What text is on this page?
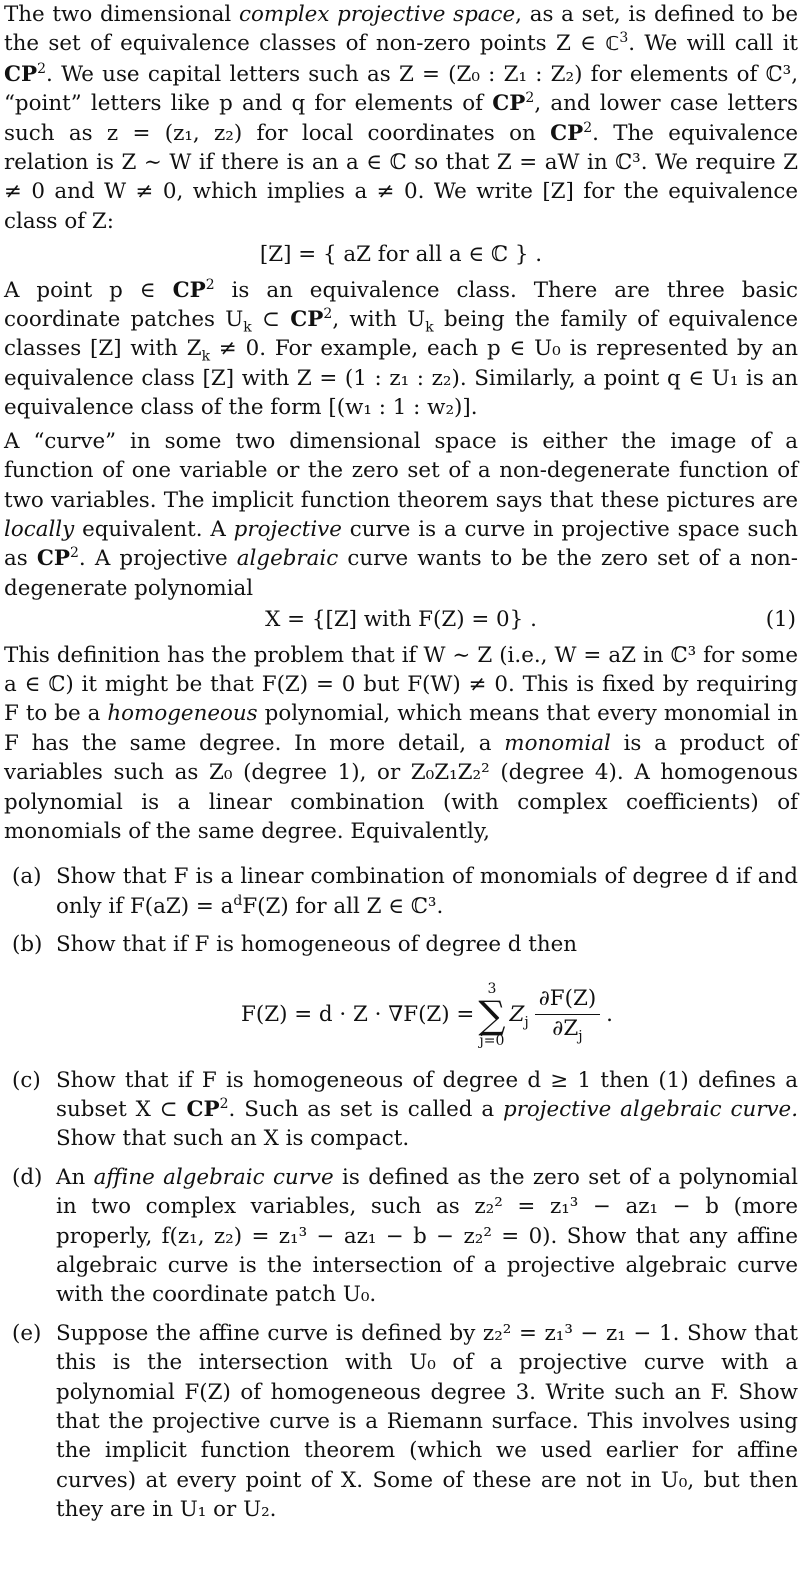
The two dimensional complex projective space, as a set, is defined to be the set of equivalence classes of non-zero points Z ∈ ℂ$^3$. We will call it $CP^2$. We use capital letters such as Z = (Z₀ : Z₁ : Z₂) for elements of ℂ³, “point” letters like p and q for elements of $CP^2$, and lower case letters such as z = (z₁, z₂) for local coordinates on $CP^2$. The equivalence relation is Z ∼ W if there is an a ∈ ℂ so that Z = aW in ℂ³. We require Z ≠ 0 and W ≠ 0, which implies a ≠ 0. We write [Z] for the equivalence class of Z:

[Z] = { aZ for all a ∈ ℂ } .

A point p ∈ $CP^2$ is an equivalence class. There are three basic coordinate patches $U_k$ ⊂ $CP^2$, with $U_k$ being the family of equivalence classes [Z] with $Z_k \ne 0$. For example, each p ∈ U₀ is represented by an equivalence class [Z] with Z = (1 : z₁ : z₂). Similarly, a point q ∈ U₁ is an equivalence class of the form [(w₁ : 1 : w₂)].

A “curve” in some two dimensional space is either the image of a function of one variable or the zero set of a non-degenerate function of two variables. The implicit function theorem says that these pictures are locally equivalent. A projective curve is a curve in projective space such as $CP^2$. A projective algebraic curve wants to be the zero set of a non-degenerate polynomial

X = {[Z] with F(Z) = 0} .	(1)

This definition has the problem that if W ∼ Z (i.e., W = aZ in ℂ³ for some a ∈ ℂ) it might be that F(Z) = 0 but F(W) ≠ 0. This is fixed by requiring F to be a homogeneous polynomial, which means that every monomial in F has the same degree. In more detail, a monomial is a product of variables such as Z₀ (degree 1), or Z₀Z₁Z₂² (degree 4). A homogenous polynomial is a linear combination (with complex coefficients) of monomials of the same degree. Equivalently,

(a) Show that F is a linear combination of monomials of degree d if and only if $F(aZ) = a^dF(Z)$ for all Z ∈ ℂ³.
(b) Show that if F is homogeneous of degree d then
F(Z) = d · Z · ∇F(Z) =
3
∑
j=0
$Z_j \frac{\partial F(Z)}{\partial Z_j}$ .
(c) Show that if F is homogeneous of degree d ≥ 1 then (1) defines a subset X ⊂ $CP^2$. Such as set is called a projective algebraic curve. Show that such an X is compact.
(d) An affine algebraic curve is defined as the zero set of a polynomial in two complex variables, such as z₂² = z₁³ − az₁ − b (more properly, f(z₁, z₂) = z₁³ − az₁ − b − z₂² = 0). Show that any affine algebraic curve is the intersection of a projective algebraic curve with the coordinate patch U₀.
(e) Suppose the affine curve is defined by z₂² = z₁³ − z₁ − 1. Show that this is the intersection with U₀ of a projective curve with a polynomial F(Z) of homogeneous degree 3. Write such an F. Show that the projective curve is a Riemann surface. This involves using the implicit function theorem (which we used earlier for affine curves) at every point of X. Some of these are not in U₀, but then they are in U₁ or U₂.
